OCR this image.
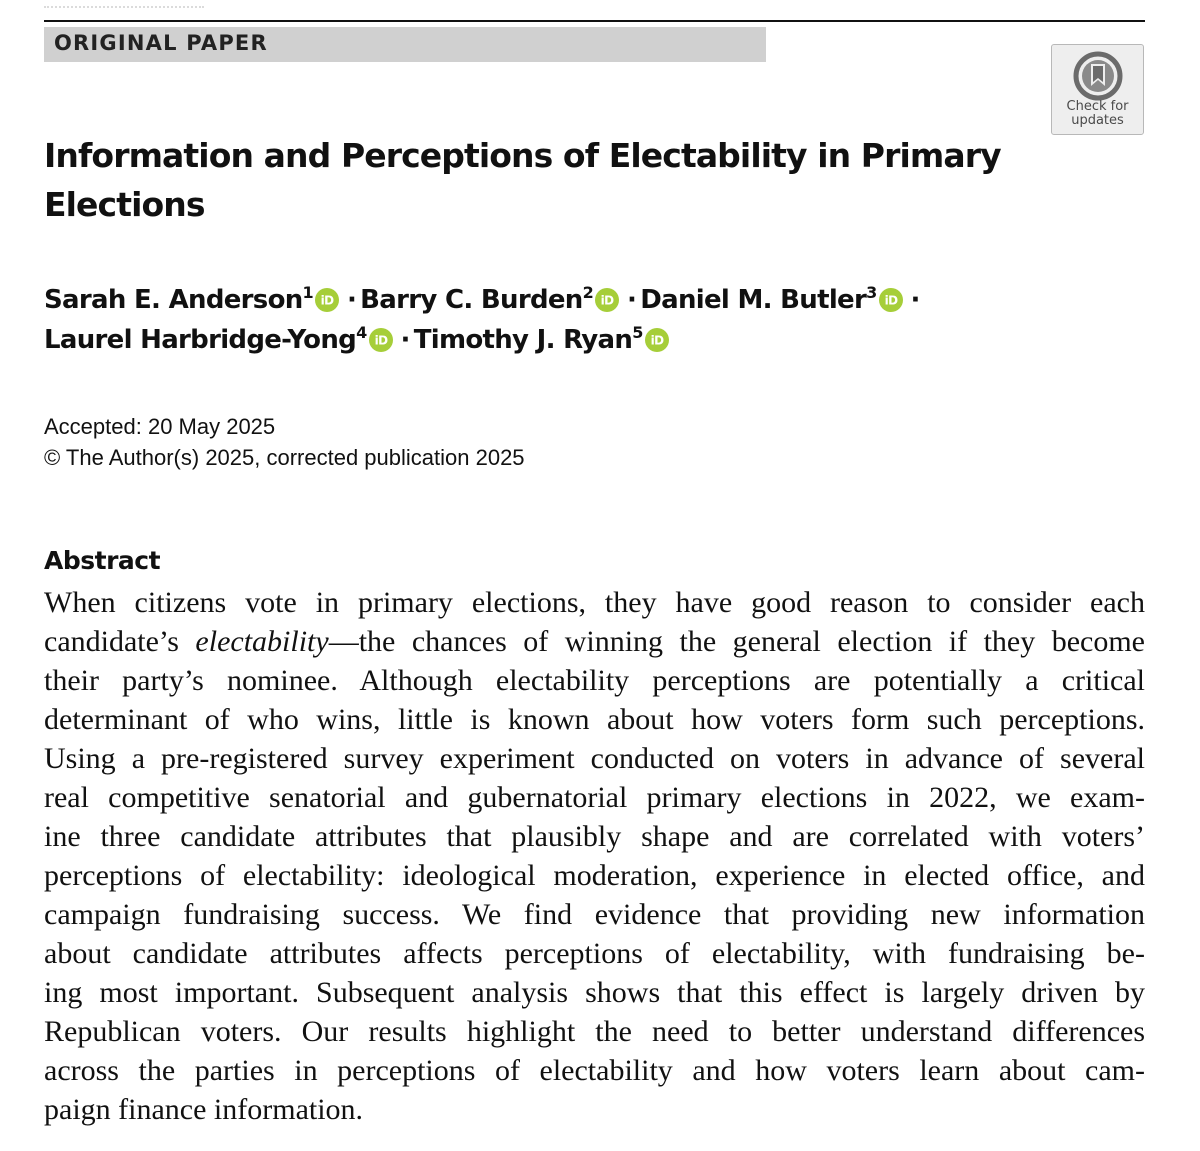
ORIGINAL PAPER
Check for
updates
Information and Perceptions of Electability in Primary
Elections
Sarah E. Anderson$^1$ iD · Barry C. Burden$^2$ iD · Daniel M. Butler$^3$ iD ·
Laurel Harbridge-Yong$^4$ iD · Timothy J. Ryan$^5$ iD
Accepted: 20 May 2025
© The Author(s) 2025, corrected publication 2025
Abstract
When citizens vote in primary elections, they have good reason to consider each
candidate’s electability—the chances of winning the general election if they become
their party’s nominee. Although electability perceptions are potentially a critical
determinant of who wins, little is known about how voters form such perceptions.
Using a pre-registered survey experiment conducted on voters in advance of several
real competitive senatorial and gubernatorial primary elections in 2022, we exam-
ine three candidate attributes that plausibly shape and are correlated with voters’
perceptions of electability: ideological moderation, experience in elected office, and
campaign fundraising success. We find evidence that providing new information
about candidate attributes affects perceptions of electability, with fundraising be-
ing most important. Subsequent analysis shows that this effect is largely driven by
Republican voters. Our results highlight the need to better understand differences
across the parties in perceptions of electability and how voters learn about cam-
paign finance information.
